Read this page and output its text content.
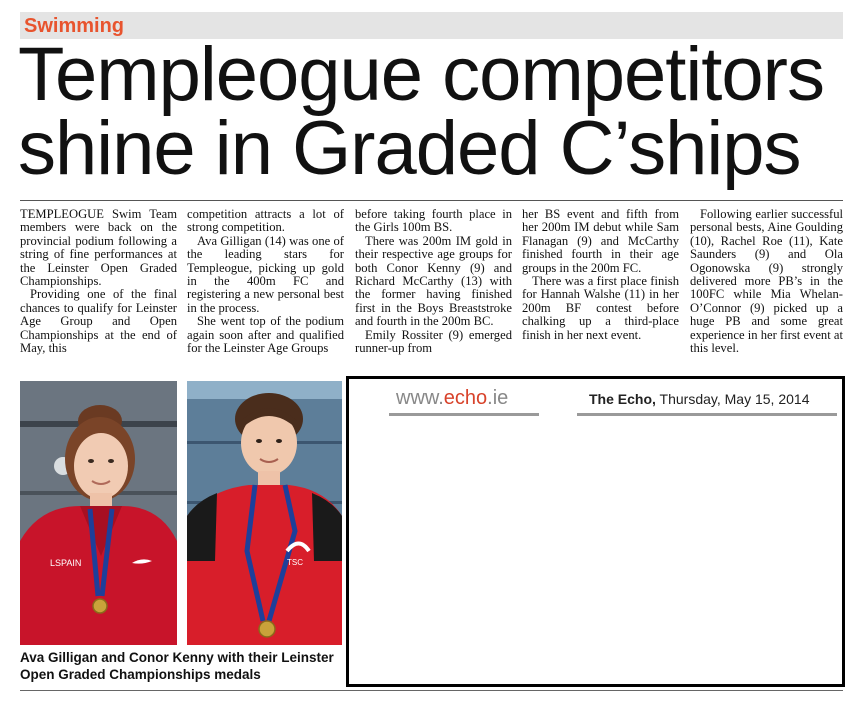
Swimming
Templeogue competitors
shine in Graded C’ships

TEMPLEOGUE Swim Team members were back on the provincial podium following a string of fine performances at the Leinster Open Graded Championships.

Providing one of the final chances to qualify for Leinster Age Group and Open Championships at the end of May, this

competition attracts a lot of strong competition.

Ava Gilligan (14) was one of the leading stars for Templeogue, picking up gold in the 400m FC and registering a new personal best in the process.

She went top of the podium again soon after and qualified for the Leinster Age Groups

before taking fourth place in the Girls 100m BS.

There was 200m IM gold in their respective age groups for both Conor Kenny (9) and Richard McCarthy (13) with the former having finished first in the Boys Breaststroke and fourth in the 200m BC.

Emily Rossiter (9) emerged runner-up from

her BS event and fifth from her 200m IM debut while Sam Flanagan (9) and McCarthy finished fourth in their age groups in the 200m FC.

There was a first place finish for Hannah Walshe (11) in her 200m BF contest before chalking up a third-place finish in her next event.

Following earlier successful personal bests, Aine Goulding (10), Rachel Roe (11), Kate Saunders (9) and Ola Ogonowska (9) strongly delivered more PB’s in the 100FC while Mia Whelan-O’Connor (9) picked up a huge PB and some great experience in her first event at this level.

LSPAIN	TSC
Ava Gilligan and Conor Kenny with their Leinster Open Graded Championships medals
www.echo.ie	The Echo, Thursday, May 15, 2014
